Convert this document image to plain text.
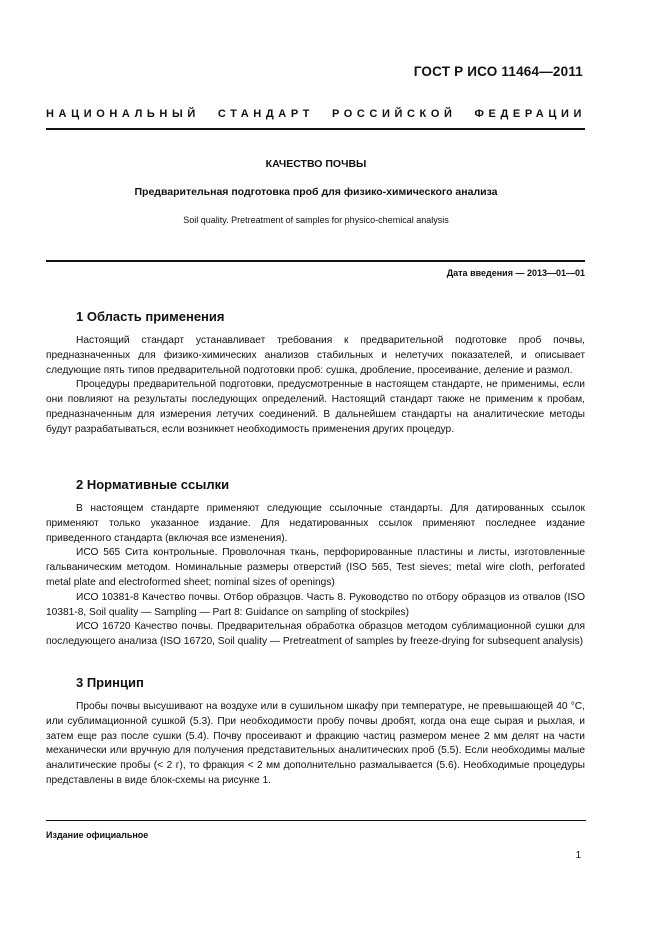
ГОСТ Р ИСО 11464—2011
НАЦИОНАЛЬНЫЙ СТАНДАРТ РОССИЙСКОЙ ФЕДЕРАЦИИ
КАЧЕСТВО ПОЧВЫ
Предварительная подготовка проб для физико-химического анализа
Soil quality. Pretreatment of samples for physico-chemical analysis
Дата введения — 2013—01—01
1 Область применения

Настоящий стандарт устанавливает требования к предварительной подготовке проб почвы, предназначенных для физико-химических анализов стабильных и нелетучих показателей, и описывает следующие пять типов предварительной подготовки проб: сушка, дробление, просеивание, деление и размол.

Процедуры предварительной подготовки, предусмотренные в настоящем стандарте, не применимы, если они повлияют на результаты последующих определений. Настоящий стандарт также не применим к пробам, предназначенным для измерения летучих соединений. В дальнейшем стандарты на аналитические методы будут разрабатываться, если возникнет необходимость применения других процедур.

2 Нормативные ссылки

В настоящем стандарте применяют следующие ссылочные стандарты. Для датированных ссылок применяют только указанное издание. Для недатированных ссылок применяют последнее издание приведенного стандарта (включая все изменения).

ИСО 565 Сита контрольные. Проволочная ткань, перфорированные пластины и листы, изготовленные гальваническим методом. Номинальные размеры отверстий (ISO 565, Test sieves; metal wire cloth, perforated metal plate and electroformed sheet; nominal sizes of openings)

ИСО 10381-8 Качество почвы. Отбор образцов. Часть 8. Руководство по отбору образцов из отвалов (ISO 10381-8, Soil quality — Sampling — Part 8: Guidance on sampling of stockpiles)

ИСО 16720 Качество почвы. Предварительная обработка образцов методом сублимационной сушки для последующего анализа (ISO 16720, Soil quality — Pretreatment of samples by freeze-drying for subsequent analysis)

3 Принцип

Пробы почвы высушивают на воздухе или в сушильном шкафу при температуре, не превышающей 40 °С, или сублимационной сушкой (5.3). При необходимости пробу почвы дробят, когда она еще сырая и рыхлая, и затем еще раз после сушки (5.4). Почву просеивают и фракцию частиц размером менее 2 мм делят на части механически или вручную для получения представительных аналитических проб (5.5). Если необходимы малые аналитические пробы (< 2 г), то фракция < 2 мм дополнительно размалывается (5.6). Необходимые процедуры представлены в виде блок-схемы на рисунке 1.

Издание официальное
1
